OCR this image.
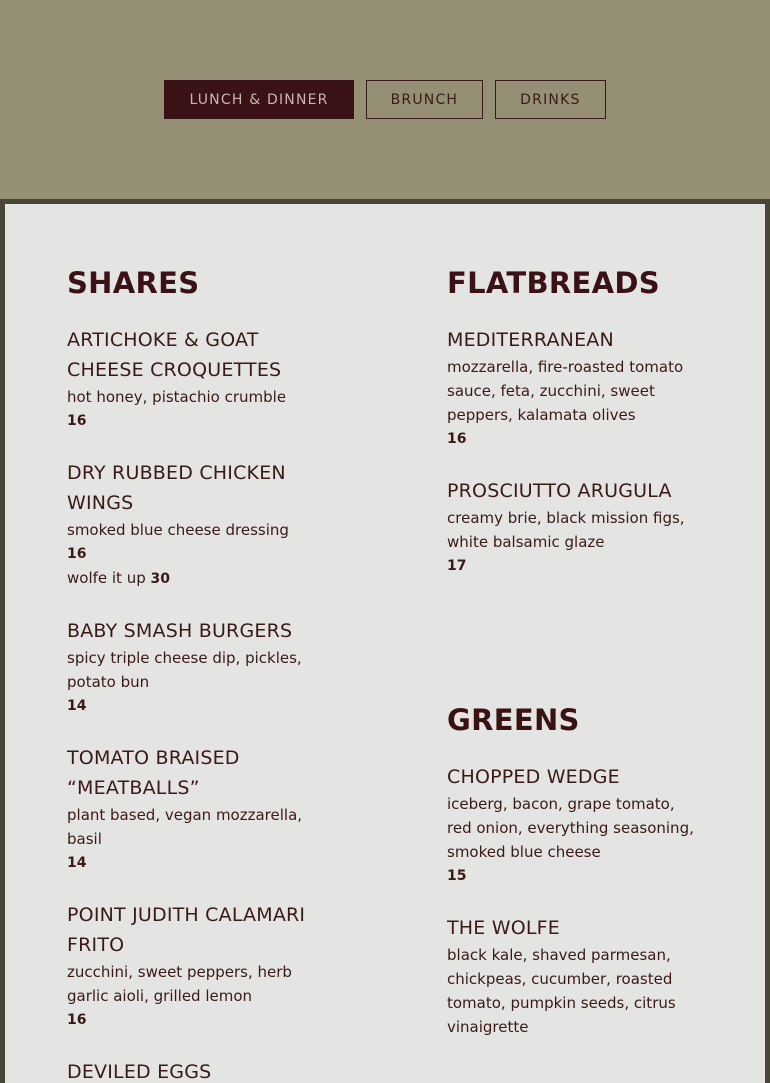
LUNCH & DINNER	BRUNCH	DRINKS
SHARES
ARTICHOKE & GOAT CHEESE CROQUETTES
hot honey, pistachio crumble
16
DRY RUBBED CHICKEN WINGS
smoked blue cheese dressing
16
wolfe it up 30
BABY SMASH BURGERS
spicy triple cheese dip, pickles, potato bun
14
TOMATO BRAISED “MEATBALLS”
plant based, vegan mozzarella, basil
14
POINT JUDITH CALAMARI FRITO
zucchini, sweet peppers, herb garlic aioli, grilled lemon
16
DEVILED EGGS
FLATBREADS
MEDITERRANEAN
mozzarella, fire-roasted tomato sauce, feta, zucchini, sweet peppers, kalamata olives
16
PROSCIUTTO ARUGULA
creamy brie, black mission figs, white balsamic glaze
17
GREENS
CHOPPED WEDGE
iceberg, bacon, grape tomato, red onion, everything seasoning, smoked blue cheese
15
THE WOLFE
black kale, shaved parmesan, chickpeas, cucumber, roasted tomato, pumpkin seeds, citrus vinaigrette
